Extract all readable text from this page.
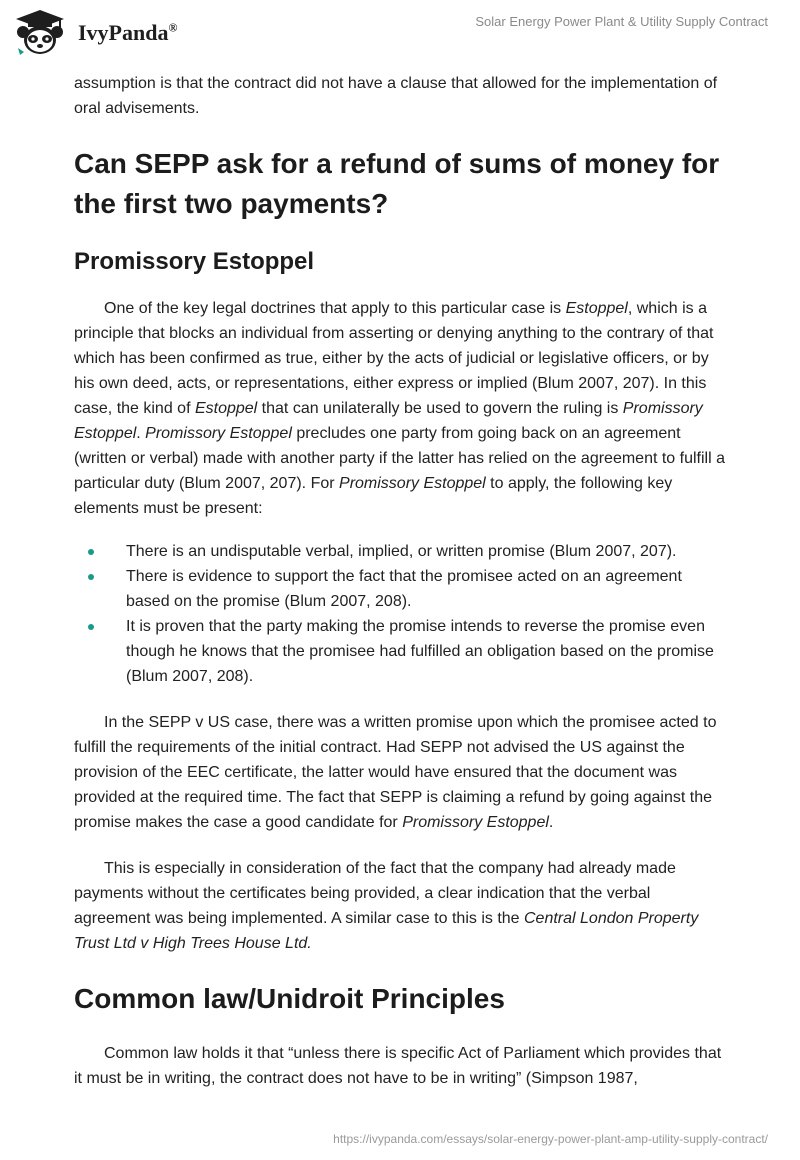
IvyPanda®	Solar Energy Power Plant & Utility Supply Contract

assumption is that the contract did not have a clause that allowed for the implementation of oral advisements.

Can SEPP ask for a refund of sums of money for the first two payments?
Promissory Estoppel

One of the key legal doctrines that apply to this particular case is Estoppel, which is a principle that blocks an individual from asserting or denying anything to the contrary of that which has been confirmed as true, either by the acts of judicial or legislative officers, or by his own deed, acts, or representations, either express or implied (Blum 2007, 207). In this case, the kind of Estoppel that can unilaterally be used to govern the ruling is Promissory Estoppel. Promissory Estoppel precludes one party from going back on an agreement (written or verbal) made with another party if the latter has relied on the agreement to fulfill a particular duty (Blum 2007, 207). For Promissory Estoppel to apply, the following key elements must be present:

There is an undisputable verbal, implied, or written promise (Blum 2007, 207).
There is evidence to support the fact that the promisee acted on an agreement based on the promise (Blum 2007, 208).
It is proven that the party making the promise intends to reverse the promise even though he knows that the promisee had fulfilled an obligation based on the promise (Blum 2007, 208).

In the SEPP v US case, there was a written promise upon which the promisee acted to fulfill the requirements of the initial contract. Had SEPP not advised the US against the provision of the EEC certificate, the latter would have ensured that the document was provided at the required time. The fact that SEPP is claiming a refund by going against the promise makes the case a good candidate for Promissory Estoppel.

This is especially in consideration of the fact that the company had already made payments without the certificates being provided, a clear indication that the verbal agreement was being implemented. A similar case to this is the Central London Property Trust Ltd v High Trees House Ltd.

Common law/Unidroit Principles

Common law holds it that “unless there is specific Act of Parliament which provides that it must be in writing, the contract does not have to be in writing” (Simpson 1987,

https://ivypanda.com/essays/solar-energy-power-plant-amp-utility-supply-contract/
